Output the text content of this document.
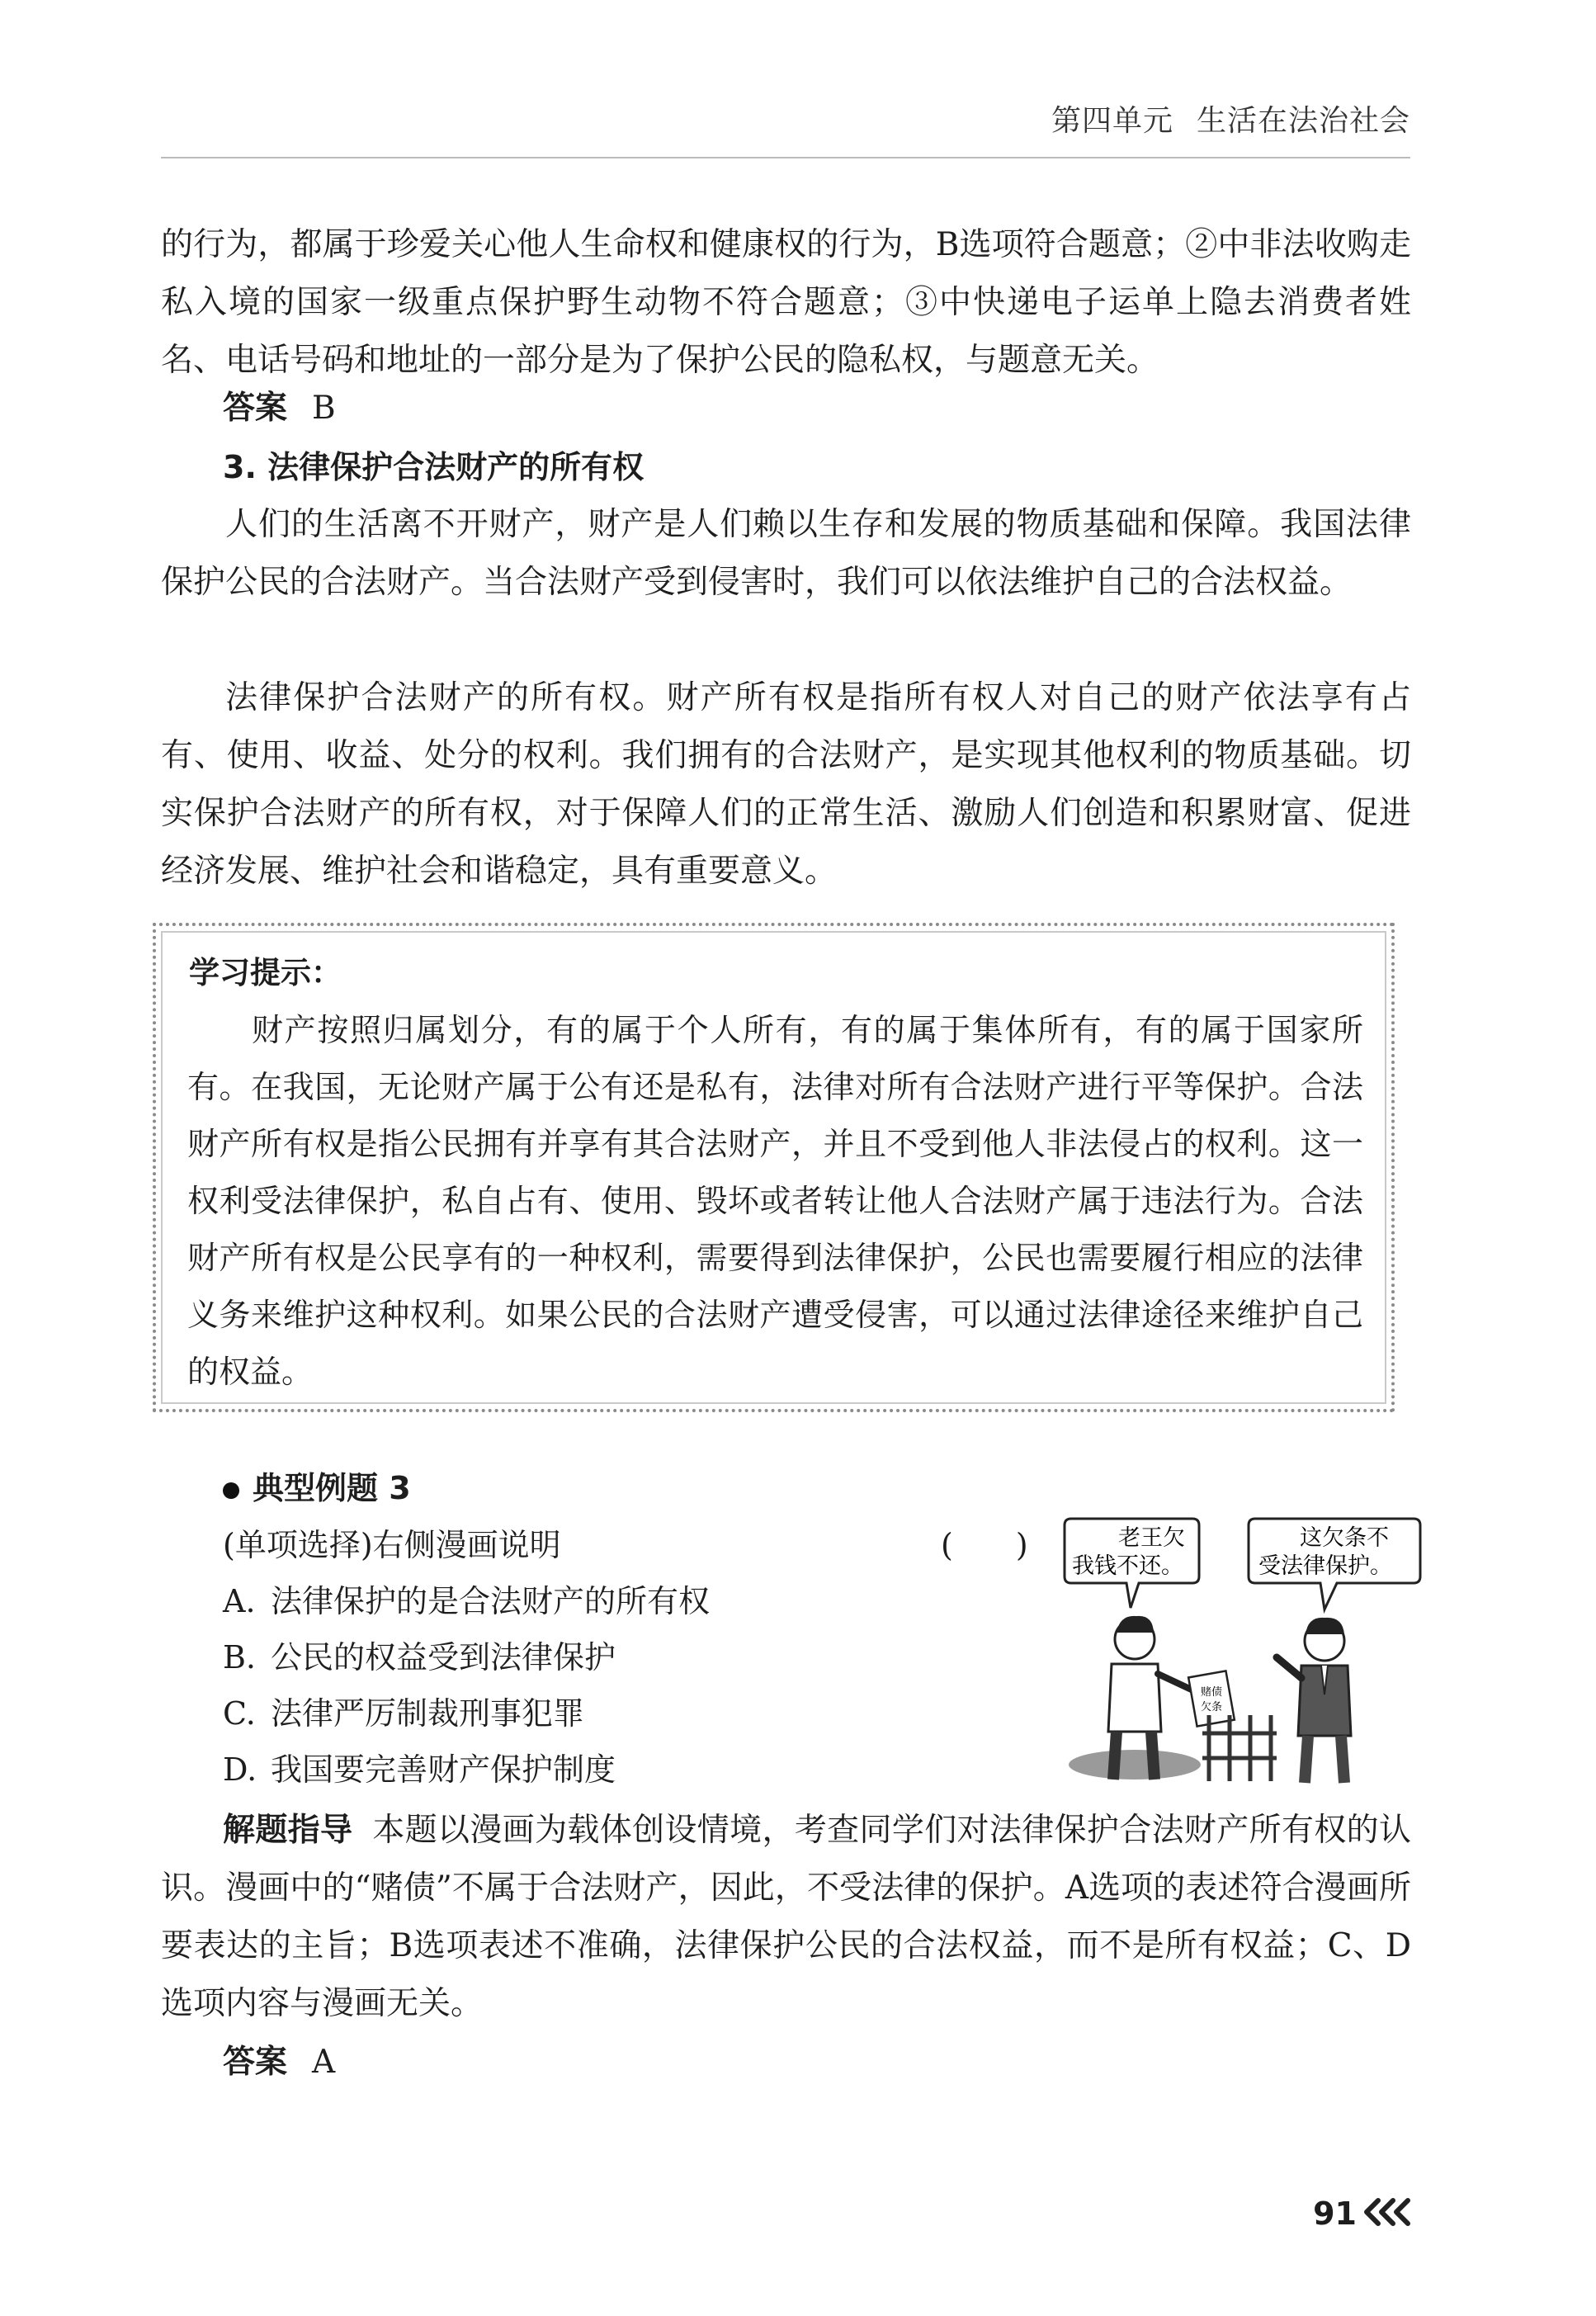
第四单元 生活在法治社会
的行为，都属于珍爱关心他人生命权和健康权的行为，B选项符合题意；②中非法收购走私入境的国家一级重点保护野生动物不符合题意；③中快递电子运单上隐去消费者姓名、电话号码和地址的一部分是为了保护公民的隐私权，与题意无关。
答案 B
3. 法律保护合法财产的所有权
人们的生活离不开财产，财产是人们赖以生存和发展的物质基础和保障。我国法律保护公民的合法财产。当合法财产受到侵害时，我们可以依法维护自己的合法权益。
法律保护合法财产的所有权。财产所有权是指所有权人对自己的财产依法享有占有、使用、收益、处分的权利。我们拥有的合法财产，是实现其他权利的物质基础。切实保护合法财产的所有权，对于保障人们的正常生活、激励人们创造和积累财富、促进经济发展、维护社会和谐稳定，具有重要意义。
学习提示：
财产按照归属划分，有的属于个人所有，有的属于集体所有，有的属于国家所有。在我国，无论财产属于公有还是私有，法律对所有合法财产进行平等保护。合法财产所有权是指公民拥有并享有其合法财产，并且不受到他人非法侵占的权利。这一权利受法律保护，私自占有、使用、毁坏或者转让他人合法财产属于违法行为。合法财产所有权是公民享有的一种权利，需要得到法律保护，公民也需要履行相应的法律义务来维护这种权利。如果公民的合法财产遭受侵害，可以通过法律途径来维护自己的权益。
典型例题 3
(单项选择)右侧漫画说明	(　　)
A. 法律保护的是合法财产的所有权
B. 公民的权益受到法律保护
C. 法律严厉制裁刑事犯罪
D. 我国要完善财产保护制度
老王欠
我钱不还。
这欠条不
受法律保护。
赌债
欠条
解题指导 本题以漫画为载体创设情境，考查同学们对法律保护合法财产所有权的认识。漫画中的“赌债”不属于合法财产，因此，不受法律的保护。A选项的表述符合漫画所要表达的主旨；B选项表述不准确，法律保护公民的合法权益，而不是所有权益；C、D选项内容与漫画无关。
答案 A
91
